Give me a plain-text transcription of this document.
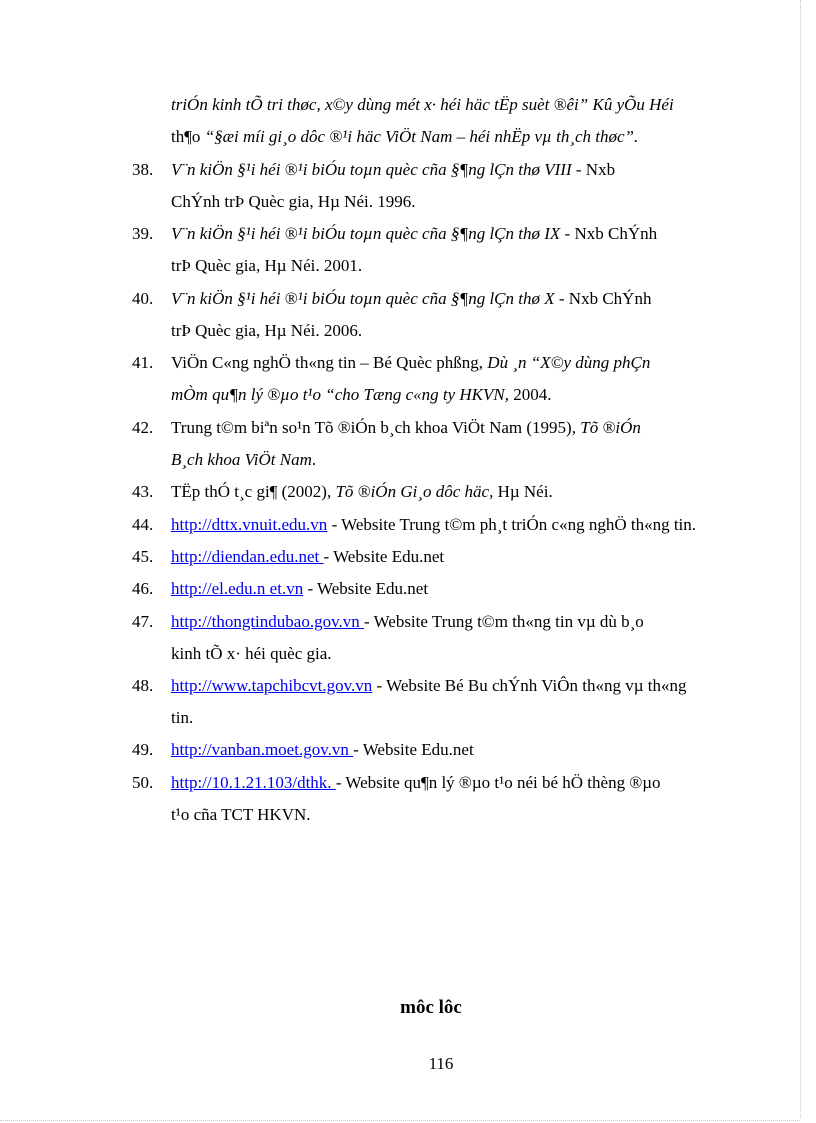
triÓn kinh tÕ tri thøc, x©y dùng mét x· héi häc tËp suèt ®êi” Kû yÕu Héi
th¶o “§æi míi gi¸o dôc ®¹i häc ViÖt Nam – héi nhËp vµ th¸ch thøc”.
38.	V¨n kiÖn §¹i héi ®¹i biÓu toµn quèc cña §¶ng lÇn thø VIII - Nxb
ChÝnh trÞ Quèc gia, Hµ Néi. 1996.
39.	V¨n kiÖn §¹i héi ®¹i biÓu toµn quèc cña §¶ng lÇn thø IX - Nxb ChÝnh
trÞ Quèc gia, Hµ Néi. 2001.
40.	V¨n kiÖn §¹i héi ®¹i biÓu toµn quèc cña §¶ng lÇn thø X - Nxb ChÝnh
trÞ Quèc gia, Hµ Néi. 2006.
41.	ViÖn C«ng nghÖ th«ng tin – Bé Quèc phßng, Dù ¸n “X©y dùng phÇn
mÒm qu¶n lý ®µo t¹o “cho Tæng c«ng ty HKVN, 2004.
42.	Trung t©m biªn so¹n Tõ ®iÓn b¸ch khoa ViÖt Nam (1995), Tõ ®iÓn
B¸ch khoa ViÖt Nam.
43.	TËp thÓ t¸c gi¶ (2002), Tõ ®iÓn Gi¸o dôc häc, Hµ Néi.
44.	http://dttx.vnuit.edu.vn - Website Trung t©m ph¸t triÓn c«ng nghÖ th«ng tin.
45.	http://diendan.edu.net - Website Edu.net
46.	http://el.edu.n et.vn - Website Edu.net
47.	http://thongtindubao.gov.vn - Website Trung t©m th«ng tin vµ dù b¸o
kinh tÕ x· héi quèc gia.
48.	http://www.tapchibcvt.gov.vn - Website Bé Bu chÝnh ViÔn th«ng vµ th«ng
tin.
49.	http://vanban.moet.gov.vn - Website Edu.net
50.	http://10.1.21.103/dthk. - Website qu¶n lý ®µo t¹o néi bé hÖ thèng ®µo
t¹o cña TCT HKVN.
môc lôc
116
